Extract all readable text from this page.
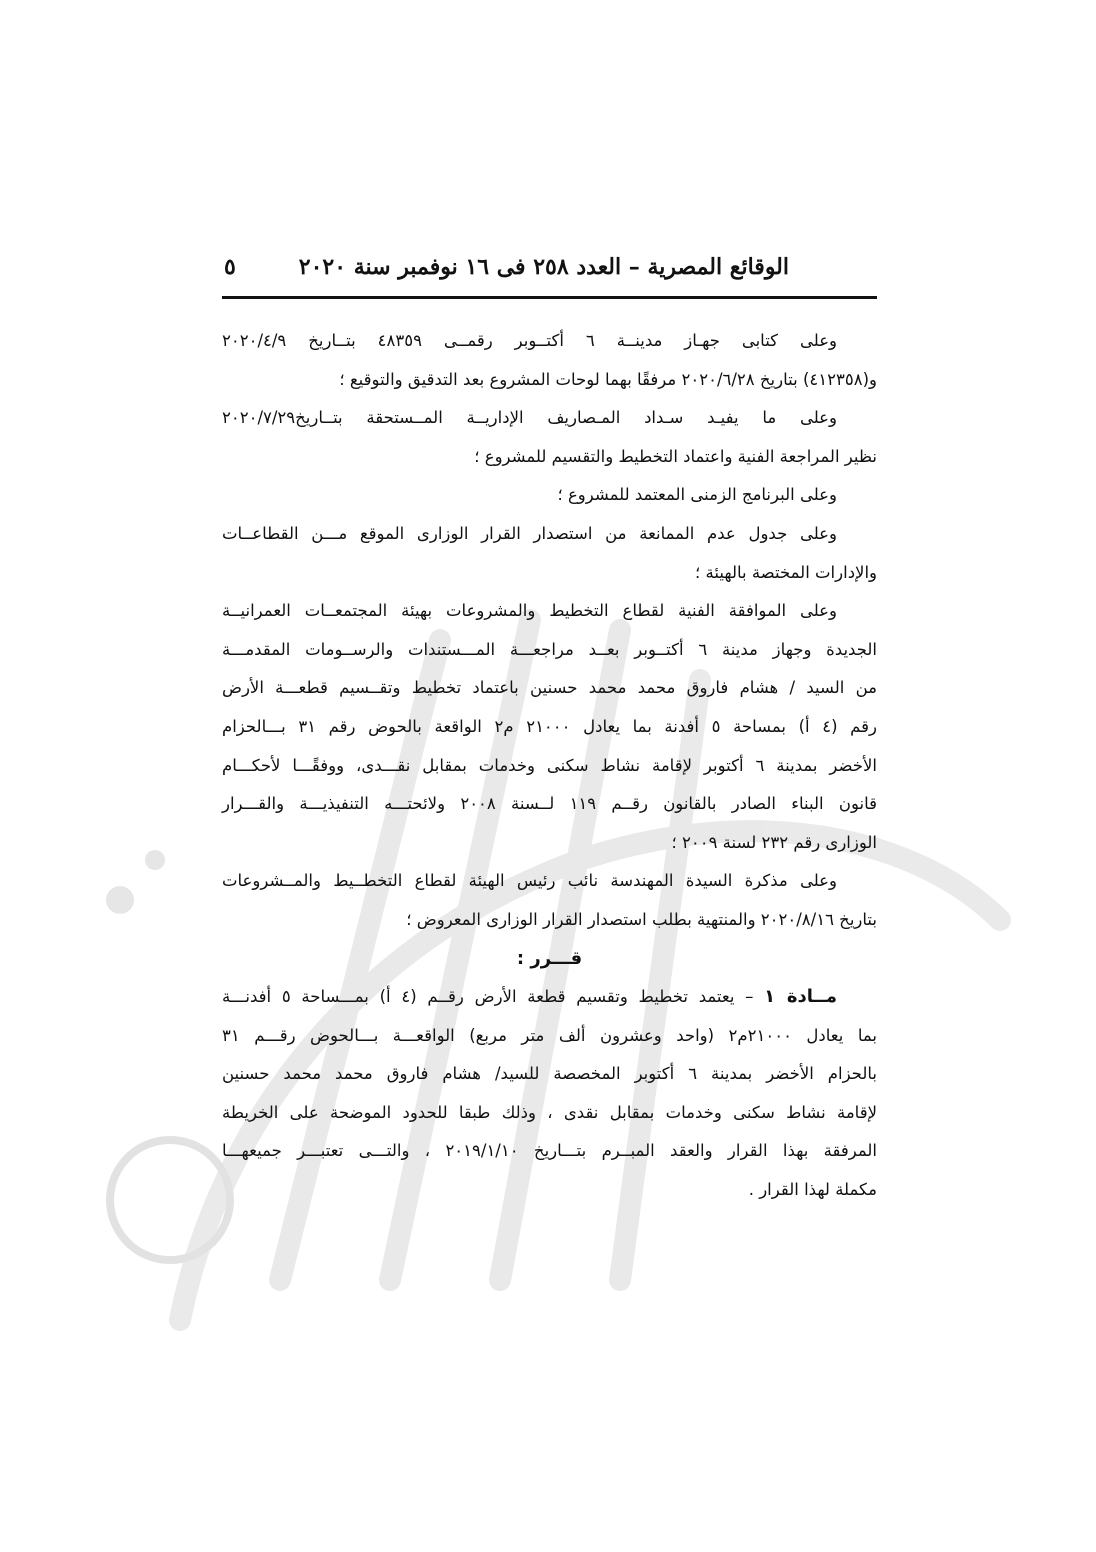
الوقائع المصرية – العدد ٢٥٨ فى ١٦ نوفمبر سنة ٢٠٢٠
٥

وعلى كتابى جهـاز مدينــة ٦ أكتــوبر رقمــى ٤٨٣٥٩ بتــاريخ ٢٠٢٠/٤/٩

و(٤١٢٣٥٨) بتاريخ ٢٠٢٠/٦/٢٨ مرفقًا بهما لوحات المشروع بعد التدقيق والتوقيع ؛

وعلى ما يفيـد سـداد المـصاريف الإداريــة المــستحقة بتــاريخ٢٠٢٠/٧/٢٩

نظير المراجعة الفنية واعتماد التخطيط والتقسيم للمشروع ؛

وعلى البرنامج الزمنى المعتمد للمشروع ؛

وعلى جدول عدم الممانعة من استصدار القرار الوزارى الموقع مـــن القطاعــات

والإدارات المختصة بالهيئة ؛

وعلى الموافقة الفنية لقطاع التخطيط والمشروعات بهيئة المجتمعــات العمرانيــة

الجديدة وجهاز مدينة ٦ أكتــوبر بعــد مراجعـــة المـــستندات والرســومات المقدمـــة

من السيد / هشام فاروق محمد محمد حسنين باعتماد تخطيط وتقــسيم قطعـــة الأرض

رقم (٤ أ) بمساحة ٥ أفدنة بما يعادل ٢١٠٠٠ م٢ الواقعة بالحوض رقم ٣١ بـــالحزام

الأخضر بمدينة ٦ أكتوبر لإقامة نشاط سكنى وخدمات بمقابل نقـــدى، ووفقًـــا لأحكـــام

قانون البناء الصادر بالقانون رقــم ١١٩ لــسنة ٢٠٠٨ ولائحتـــه التنفيذيـــة والقـــرار

الوزارى رقم ٢٣٢ لسنة ٢٠٠٩ ؛

وعلى مذكرة السيدة المهندسة نائب رئيس الهيئة لقطاع التخطــيط والمــشروعات

بتاريخ ٢٠٢٠/٨/١٦ والمنتهية بطلب استصدار القرار الوزارى المعروض ؛

قـــرر :

مــادة ١ – يعتمد تخطيط وتقسيم قطعة الأرض رقــم (٤ أ) بمـــساحة ٥ أفدنـــة

بما يعادل ٢١٠٠٠م٢ (واحد وعشرون ألف متر مربع) الواقعـــة بـــالحوض رقـــم ٣١

بالحزام الأخضر بمدينة ٦ أكتوبر المخصصة للسيد/ هشام فاروق محمد محمد حسنين

لإقامة نشاط سكنى وخدمات بمقابل نقدى ، وذلك طبقا للحدود الموضحة على الخريطة

المرفقة بهذا القرار والعقد المبــرم بتـــاريخ ٢٠١٩/١/١٠ ، والتـــى تعتبـــر جميعهـــا

مكملة لهذا القرار .
